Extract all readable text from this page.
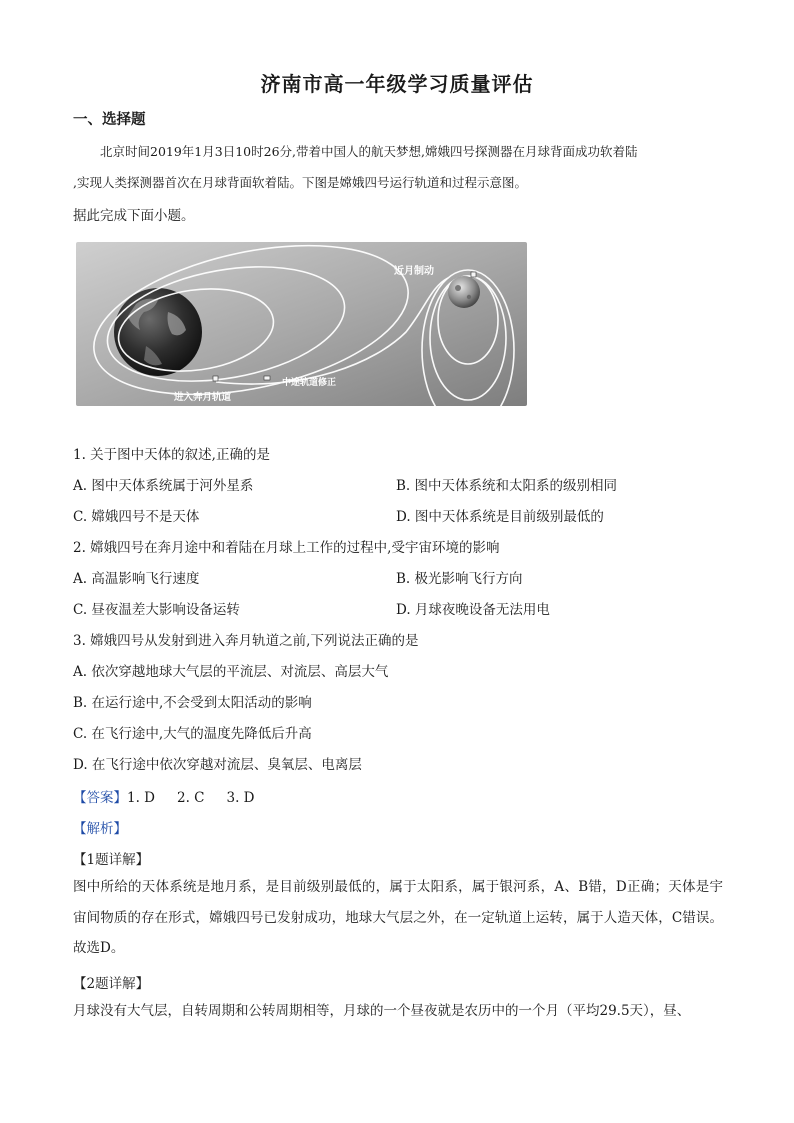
济南市高一年级学习质量评估
一、选择题
北京时间2019年1月3日10时26分,带着中国人的航天梦想,嫦娥四号探测器在月球背面成功软着陆
,实现人类探测器首次在月球背面软着陆。下图是嫦娥四号运行轨道和过程示意图。
据此完成下面小题。
近月制动
中途轨道修正
进入奔月轨道
1. 关于图中天体的叙述,正确的是
A. 图中天体系统属于河外星系	B. 图中天体系统和太阳系的级别相同
C. 嫦娥四号不是天体	D. 图中天体系统是目前级别最低的
2. 嫦娥四号在奔月途中和着陆在月球上工作的过程中,受宇宙环境的影响
A. 高温影响飞行速度	B. 极光影响飞行方向
C. 昼夜温差大影响设备运转	D. 月球夜晚设备无法用电
3. 嫦娥四号从发射到进入奔月轨道之前,下列说法正确的是
A. 依次穿越地球大气层的平流层、对流层、高层大气
B. 在运行途中,不会受到太阳活动的影响
C. 在飞行途中,大气的温度先降低后升高
D. 在飞行途中依次穿越对流层、臭氧层、电离层
【答案】1. D 2. C 3. D
【解析】
【1题详解】
图中所给的天体系统是地月系，是目前级别最低的，属于太阳系，属于银河系，A、B错，D正确；天体是宇宙间物质的存在形式，嫦娥四号已发射成功，地球大气层之外，在一定轨道上运转，属于人造天体，C错误。故选D。
【2题详解】
月球没有大气层，自转周期和公转周期相等，月球的一个昼夜就是农历中的一个月（平均29.5天），昼、
